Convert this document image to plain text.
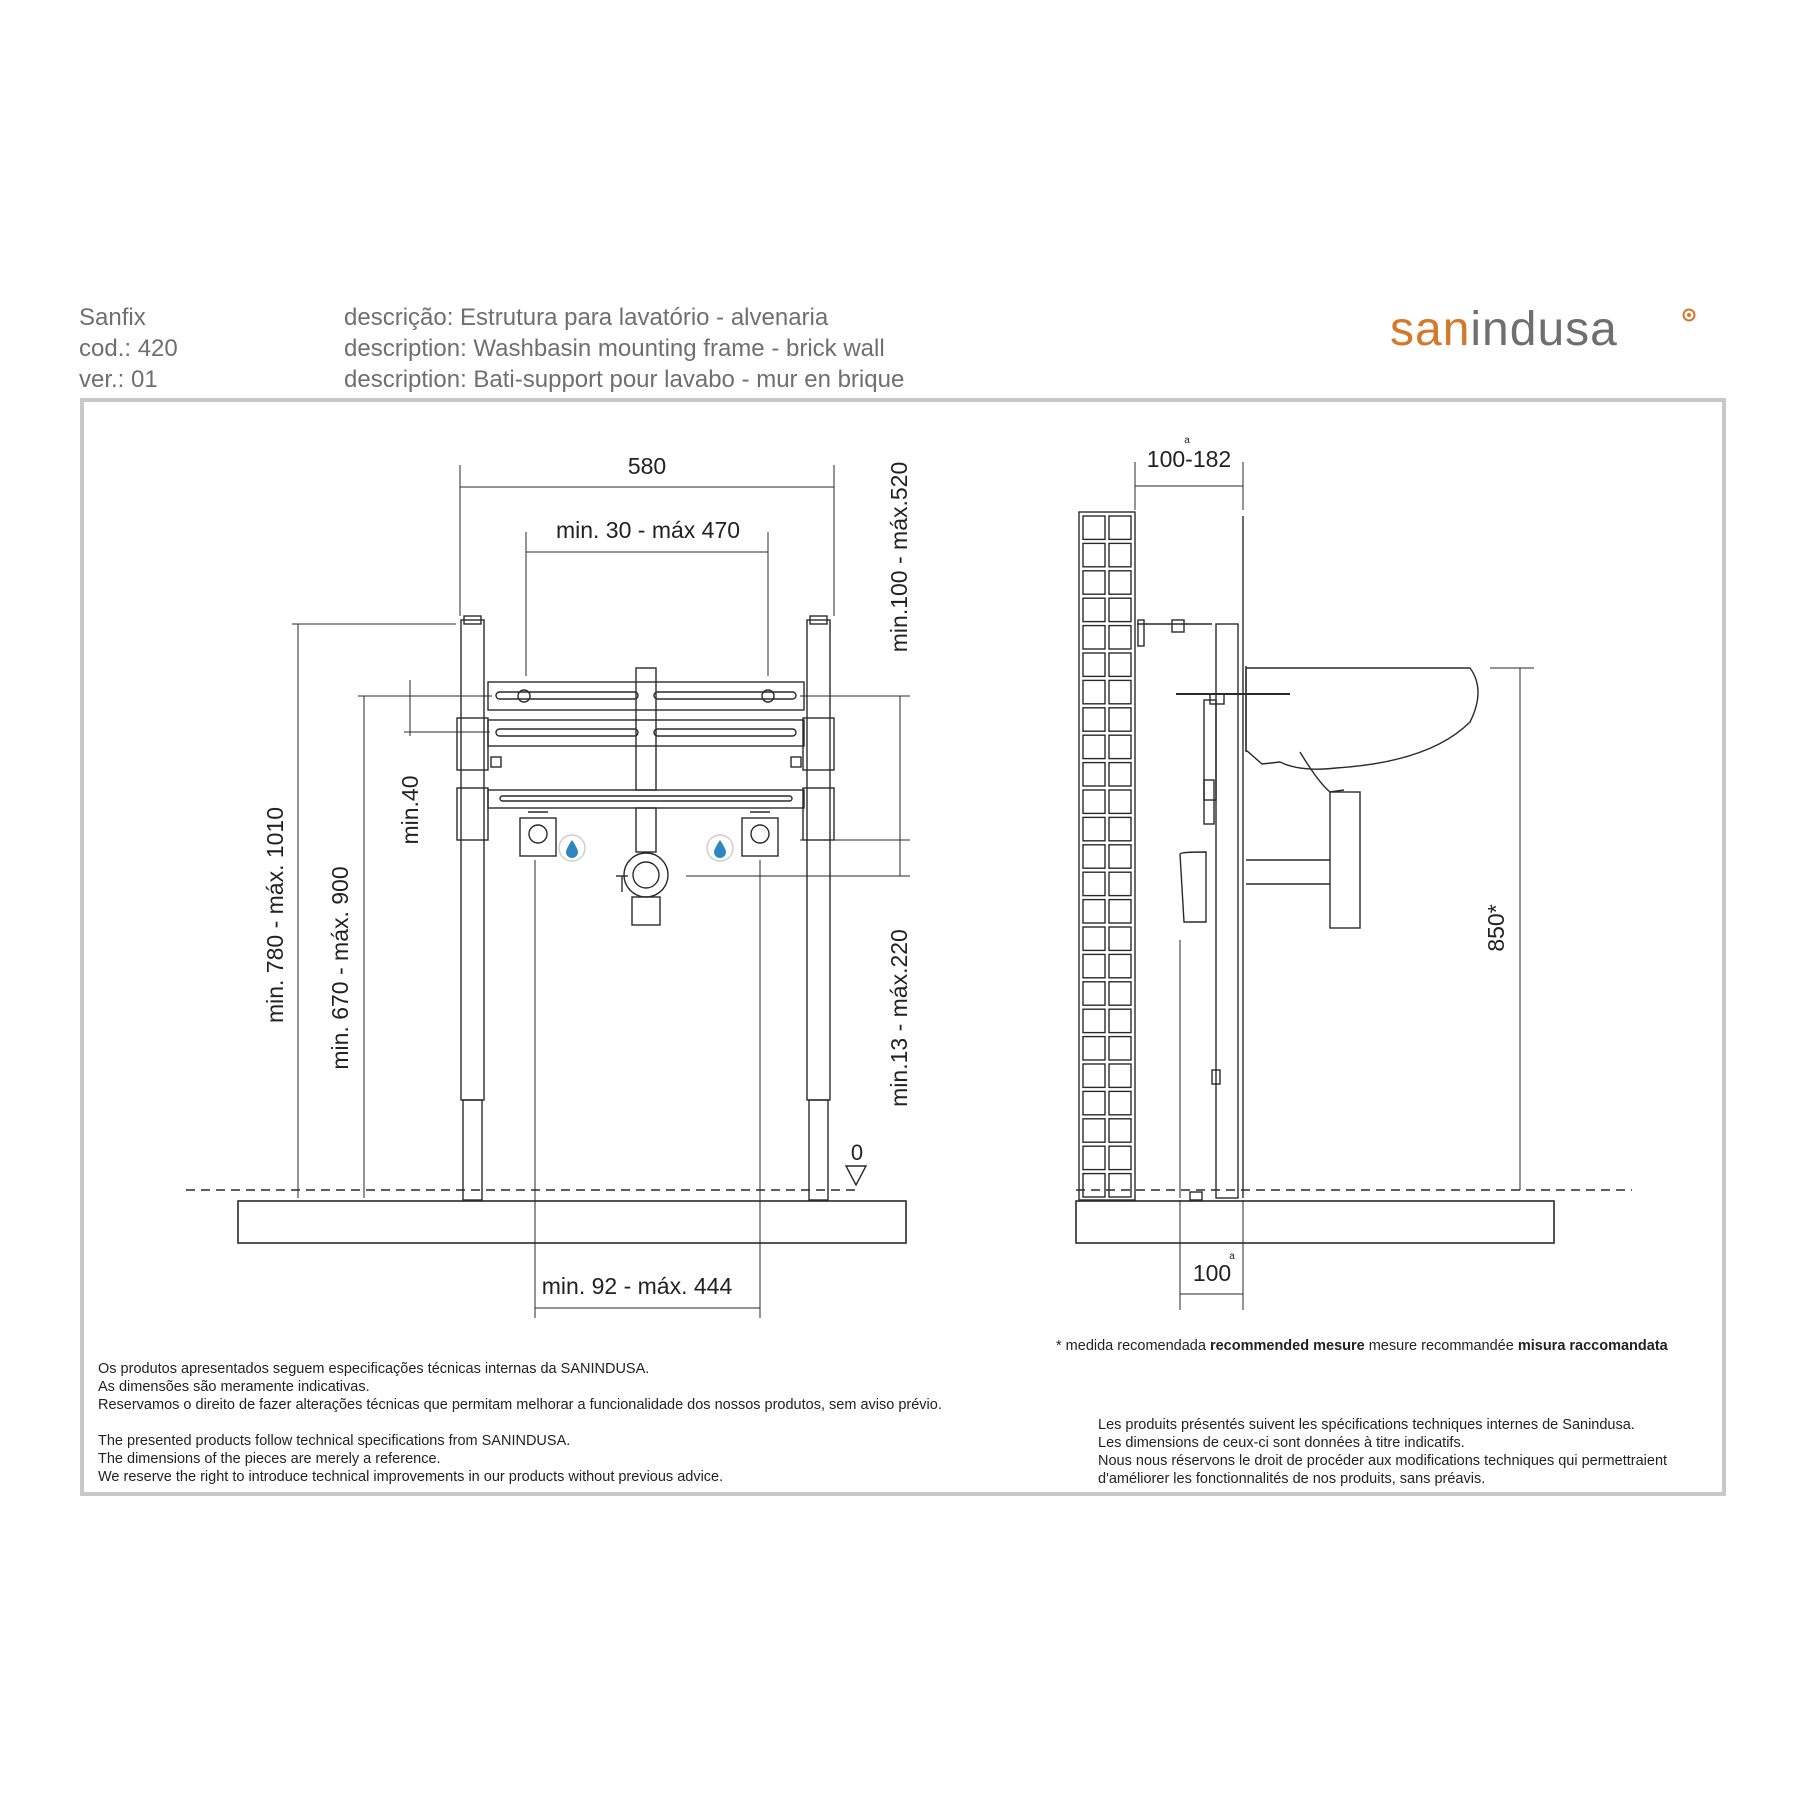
Sanfix
cod.: 420
ver.: 01
descrição: Estrutura para lavatório - alvenaria
description: Washbasin mounting frame - brick wall
description: Bati-support pour lavabo - mur en brique
sanindusa
0
580
min. 30 - máx 470
min. 92 - máx. 444
min. 780 - máx. 1010 min. 670 - máx. 900
min.40
min.100 - máx.520
min.13 - máx.220
100-182
a
100
a
850*
* medida recomendada recommended mesure mesure recommandée misura raccomandata
Os produtos apresentados seguem especificações técnicas internas da SANINDUSA.
As dimensões são meramente indicativas.
Reservamos o direito de fazer alterações técnicas que permitam melhorar a funcionalidade dos nossos produtos, sem aviso prévio.
The presented products follow technical specifications from SANINDUSA.
The dimensions of the pieces are merely a reference.
We reserve the right to introduce technical improvements in our products without previous advice.
Les produits présentés suivent les spécifications techniques internes de Sanindusa.
Les dimensions de ceux-ci sont données à titre indicatifs.
Nous nous réservons le droit de procéder aux modifications techniques qui permettraient
d'améliorer les fonctionnalités de nos produits, sans préavis.
